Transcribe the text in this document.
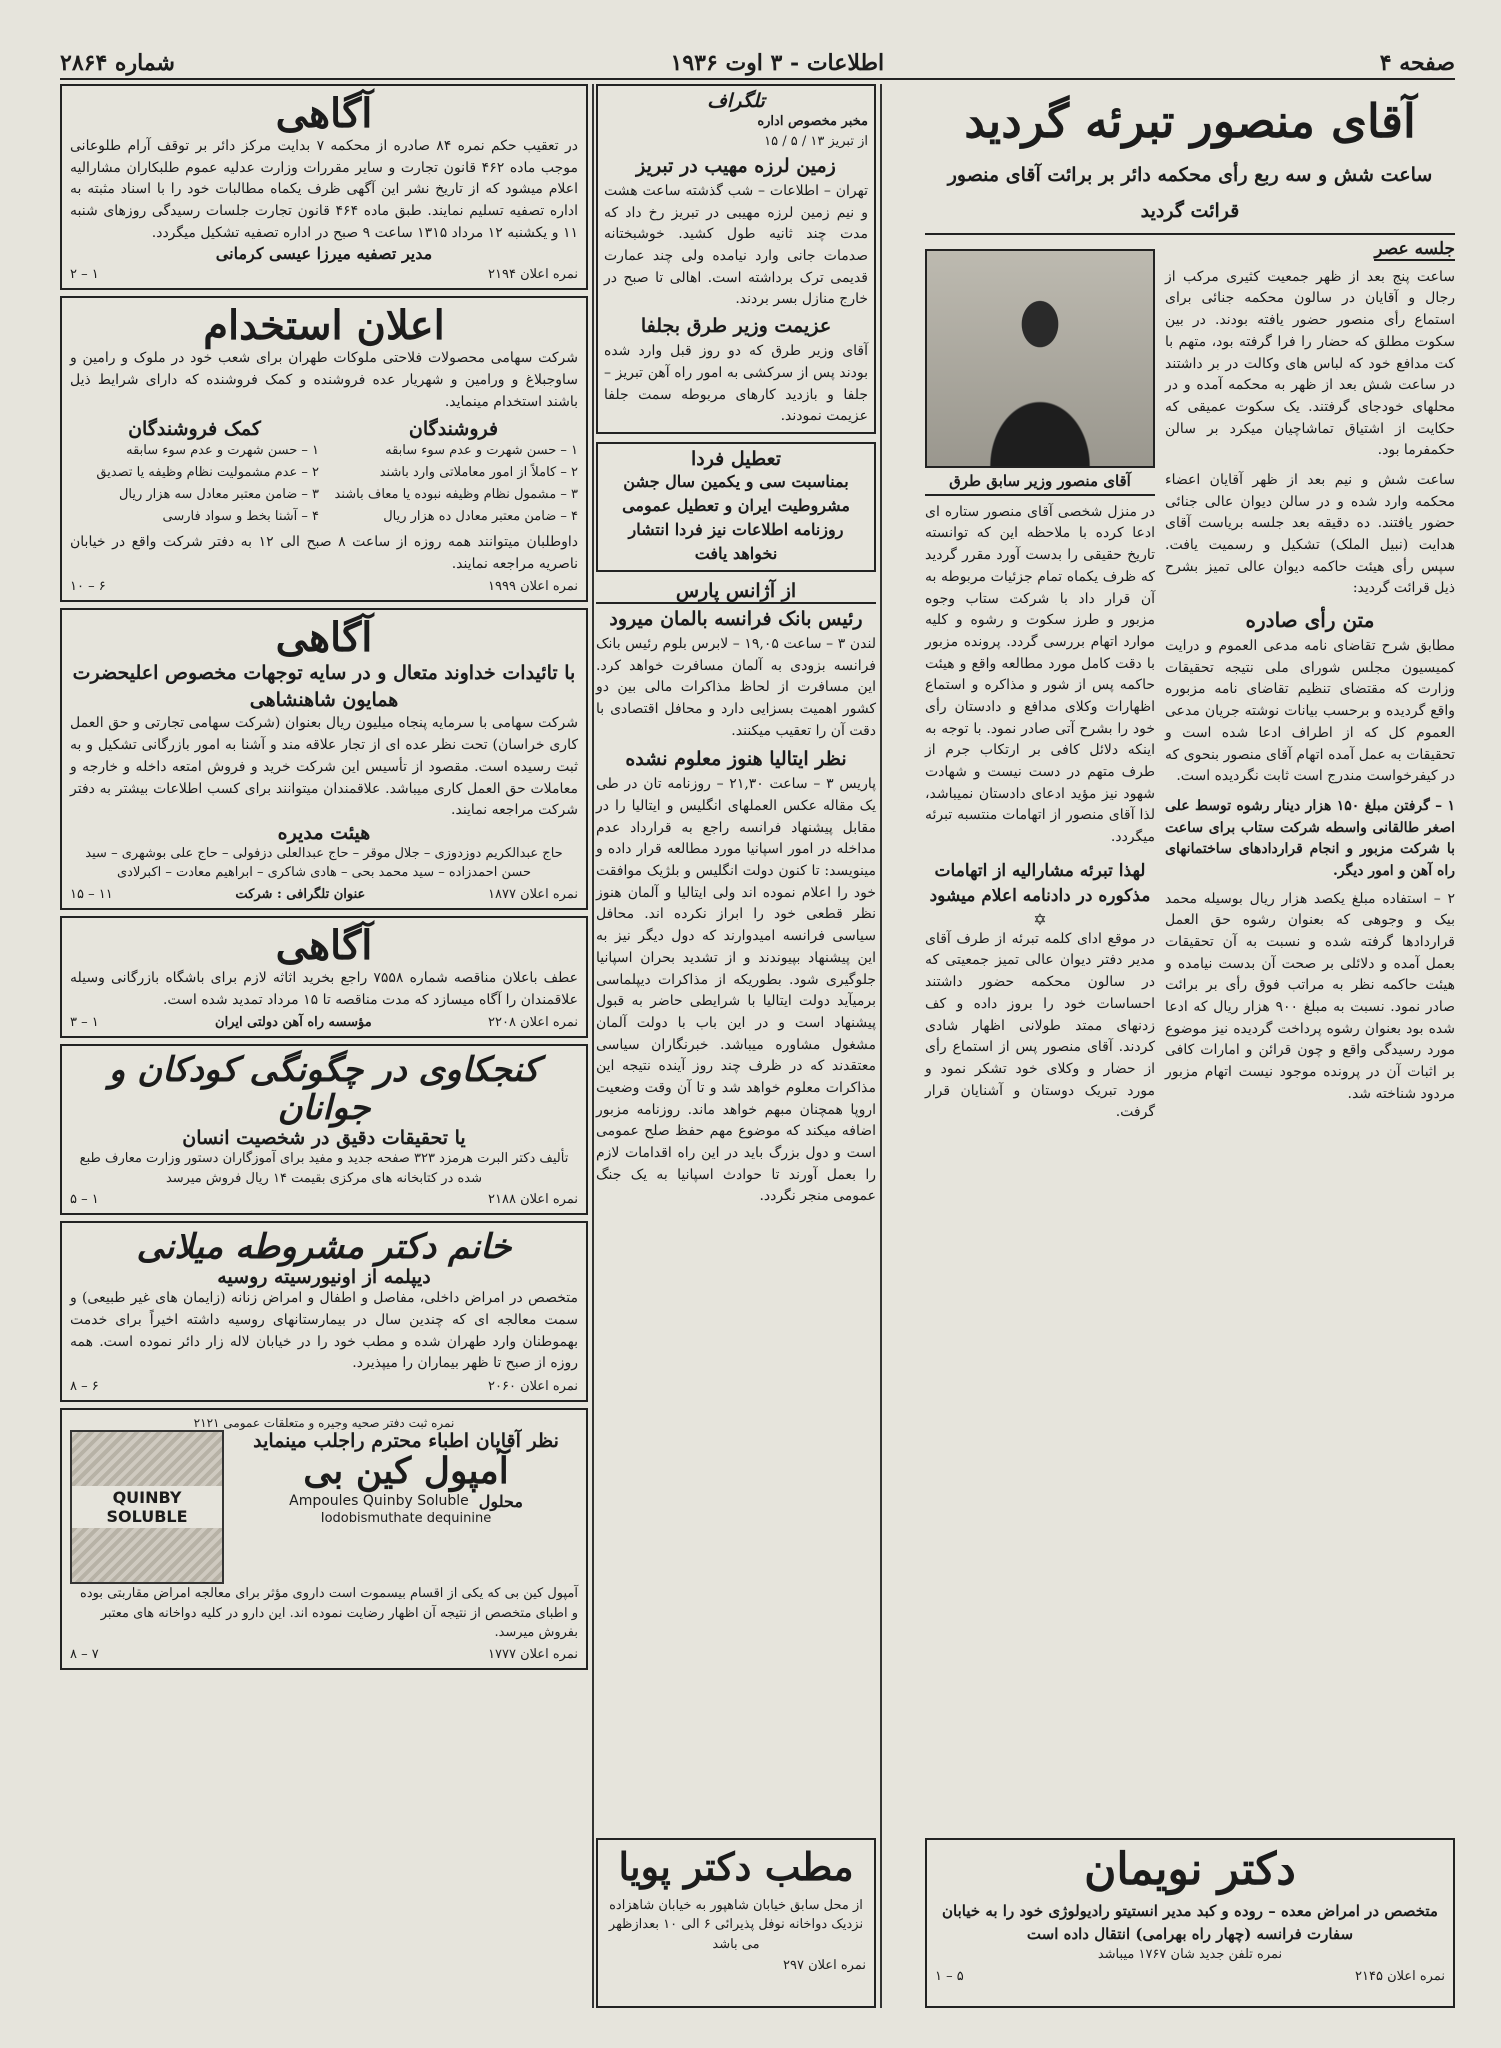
صفحه ۴
اطلاعات - ۳ اوت ۱۹۳۶
شماره ۲۸۶۴
آقای منصور تبرئه گردید
ساعت شش و سه ربع رأی محکمه دائر بر برائت آقای منصور قرائت گردید
جلسه عصر
ساعت پنج بعد از ظهر جمعیت کثیری مرکب از رجال و آقایان در سالون محکمه جنائی برای استماع رأی منصور حضور یافته بودند. در بین سکوت مطلق که حضار را فرا گرفته بود، متهم با کت مدافع خود که لباس های وکالت در بر داشتند در ساعت شش بعد از ظهر به محکمه آمده و در محلهای خودجای گرفتند. یک سکوت عمیقی که حکایت از اشتیاق تماشاچیان میکرد بر سالن حکمفرما بود.
ساعت شش و نیم بعد از ظهر آقایان اعضاء محکمه وارد شده و در سالن دیوان عالی جنائی حضور یافتند. ده دقیقه بعد جلسه بریاست آقای هدایت (نبیل الملک) تشکیل و رسمیت یافت. سپس رأی هیئت حاکمه دیوان عالی تمیز بشرح ذیل قرائت گردید:
متن رأی صادره
مطابق شرح تقاضای نامه مدعی العموم و درایت کمیسیون مجلس شورای ملی نتیجه تحقیقات وزارت که مقتضای تنظیم تقاضای نامه مزبوره واقع گردیده و برحسب بیانات نوشته جریان مدعی العموم کل که از اطراف ادعا شده است و تحقیقات به عمل آمده اتهام آقای منصور بنحوی که در کیفرخواست مندرج است ثابت نگردیده است.
۱ – گرفتن مبلغ ۱۵۰ هزار دینار رشوه توسط علی اصغر طالقانی واسطه شرکت ستاب برای ساعت با شرکت مزبور و انجام قراردادهای ساختمانهای راه آهن و امور دیگر.
۲ – استفاده مبلغ یکصد هزار ریال بوسیله محمد بیک و وجوهی که بعنوان رشوه حق العمل قراردادها گرفته شده و نسبت به آن تحقیقات بعمل آمده و دلائلی بر صحت آن بدست نیامده و هیئت حاکمه نظر به مراتب فوق رأی بر برائت صادر نمود. نسبت به مبلغ ۹۰۰ هزار ریال که ادعا شده بود بعنوان رشوه پرداخت گردیده نیز موضوع مورد رسیدگی واقع و چون قرائن و امارات کافی بر اثبات آن در پرونده موجود نیست اتهام مزبور مردود شناخته شد.
آقای منصور وزیر سابق طرق
در منزل شخصی آقای منصور ستاره ای ادعا کرده با ملاحظه این که توانسته تاریخ حقیقی را بدست آورد مقرر گردید که ظرف یکماه تمام جزئیات مربوطه به آن قرار داد با شرکت ستاب وجوه مزبور و طرز سکوت و رشوه و کلیه موارد اتهام بررسی گردد. پرونده مزبور با دقت کامل مورد مطالعه واقع و هیئت حاکمه پس از شور و مذاکره و استماع اظهارات وکلای مدافع و دادستان رأی خود را بشرح آتی صادر نمود. با توجه به اینکه دلائل کافی بر ارتکاب جرم از طرف متهم در دست نیست و شهادت شهود نیز مؤید ادعای دادستان نمیباشد، لذا آقای منصور از اتهامات منتسبه تبرئه میگردد.
لهذا تبرئه مشارالیه از اتهامات مذکوره در دادنامه اعلام میشود
✡
در موقع ادای کلمه تبرئه از طرف آقای مدیر دفتر دیوان عالی تمیز جمعیتی که در سالون محکمه حضور داشتند احساسات خود را بروز داده و کف زدنهای ممتد طولانی اظهار شادی کردند. آقای منصور پس از استماع رأی از حضار و وکلای خود تشکر نمود و مورد تبریک دوستان و آشنایان قرار گرفت.
دکتر نویمان
متخصص در امراض معده – روده و کبد مدیر انستیتو رادیولوژی خود را به خیابان سفارت فرانسه (چهار راه بهرامی) انتقال داده است
نمره تلفن جدید شان ۱۷۶۷ میباشد
نمره اعلان ۲۱۴۵
۵ – ۱
تلگراف
مخبر مخصوص اداره
از تبریز ۱۳ / ۵ / ۱۵
زمین لرزه مهیب در تبریز
تهران – اطلاعات – شب گذشته ساعت هشت و نیم زمین لرزه مهیبی در تبریز رخ داد که مدت چند ثانیه طول کشید. خوشبختانه صدمات جانی وارد نیامده ولی چند عمارت قدیمی ترک برداشته است. اهالی تا صبح در خارج منازل بسر بردند.
عزیمت وزیر طرق بجلفا
آقای وزیر طرق که دو روز قبل وارد شده بودند پس از سرکشی به امور راه آهن تبریز – جلفا و بازدید کارهای مربوطه سمت جلفا عزیمت نمودند.
تعطیل فردا
بمناسبت سی و یکمین سال جشن مشروطیت ایران و تعطیل عمومی روزنامه اطلاعات نیز فردا انتشار نخواهد یافت
از آژانس پارس
رئیس بانک فرانسه بالمان میرود
لندن ۳ – ساعت ۱۹,۰۵ – لابرس بلوم رئیس بانک فرانسه بزودی به آلمان مسافرت خواهد کرد. این مسافرت از لحاظ مذاکرات مالی بین دو کشور اهمیت بسزایی دارد و محافل اقتصادی با دقت آن را تعقیب میکنند.
نظر ایتالیا هنوز معلوم نشده
پاریس ۳ – ساعت ۲۱,۳۰ – روزنامه تان در طی یک مقاله عکس العملهای انگلیس و ایتالیا را در مقابل پیشنهاد فرانسه راجع به قرارداد عدم مداخله در امور اسپانیا مورد مطالعه قرار داده و مینویسد: تا کنون دولت انگلیس و بلژیک موافقت خود را اعلام نموده اند ولی ایتالیا و آلمان هنوز نظر قطعی خود را ابراز نکرده اند. محافل سیاسی فرانسه امیدوارند که دول دیگر نیز به این پیشنهاد بپیوندند و از تشدید بحران اسپانیا جلوگیری شود. بطوریکه از مذاکرات دیپلماسی برمیآید دولت ایتالیا با شرایطی حاضر به قبول پیشنهاد است و در این باب با دولت آلمان مشغول مشاوره میباشد. خبرنگاران سیاسی معتقدند که در ظرف چند روز آینده نتیجه این مذاکرات معلوم خواهد شد و تا آن وقت وضعیت اروپا همچنان مبهم خواهد ماند. روزنامه مزبور اضافه میکند که موضوع مهم حفظ صلح عمومی است و دول بزرگ باید در این راه اقدامات لازم را بعمل آورند تا حوادث اسپانیا به یک جنگ عمومی منجر نگردد.
مطب دکتر پویا
از محل سابق خیابان شاهپور به خیابان شاهزاده نزدیک دواخانه نوفل پذیرائی ۶ الی ۱۰ بعدازظهر می باشد
نمره اعلان ۲۹۷
آگاهی
در تعقیب حکم نمره ۸۴ صادره از محکمه ۷ بدایت مرکز دائر بر توقف آرام طلوعانی موجب ماده ۴۶۲ قانون تجارت و سایر مقررات وزارت عدلیه عموم طلبکاران مشارالیه اعلام میشود که از تاریخ نشر این آگهی ظرف یکماه مطالبات خود را با اسناد مثبته به اداره تصفیه تسلیم نمایند. طبق ماده ۴۶۴ قانون تجارت جلسات رسیدگی روزهای شنبه ۱۱ و یکشنبه ۱۲ مرداد ۱۳۱۵ ساعت ۹ صبح در اداره تصفیه تشکیل میگردد.
مدیر تصفیه میرزا عیسی کرمانی
نمره اعلان ۲۱۹۴
۱ – ۲
اعلان استخدام
شرکت سهامی محصولات فلاحتی ملوکات طهران برای شعب خود در ملوک و رامین و ساوجبلاغ و ورامین و شهریار عده فروشنده و کمک فروشنده که دارای شرایط ذیل باشند استخدام مینماید.
فروشندگان
۱ – حسن شهرت و عدم سوء سابقه
۲ – کاملاً از امور معاملاتی وارد باشند
۳ – مشمول نظام وظیفه نبوده یا معاف باشند
۴ – ضامن معتبر معادل ده هزار ریال
کمک فروشندگان
۱ – حسن شهرت و عدم سوء سابقه
۲ – عدم مشمولیت نظام وظیفه یا تصدیق
۳ – ضامن معتبر معادل سه هزار ریال
۴ – آشنا بخط و سواد فارسی
داوطلبان میتوانند همه روزه از ساعت ۸ صبح الی ۱۲ به دفتر شرکت واقع در خیابان ناصریه مراجعه نمایند.
نمره اعلان ۱۹۹۹
۶ – ۱۰
آگاهی
با تائیدات خداوند متعال و در سایه توجهات مخصوص اعلیحضرت همایون شاهنشاهی
شرکت سهامی با سرمایه پنجاه میلیون ریال بعنوان (شرکت سهامی تجارتی و حق العمل کاری خراسان) تحت نظر عده ای از تجار علاقه مند و آشنا به امور بازرگانی تشکیل و به ثبت رسیده است. مقصود از تأسیس این شرکت خرید و فروش امتعه داخله و خارجه و معاملات حق العمل کاری میباشد. علاقمندان میتوانند برای کسب اطلاعات بیشتر به دفتر شرکت مراجعه نمایند.
هیئت مدیره
حاج عبدالکریم دوزدوزی – جلال موقر – حاج عبدالعلی دزفولی – حاج علی بوشهری – سید حسن احمدزاده – سید محمد بحی – هادی شاکری – ابراهیم معادت – اکبرلادی
نمره اعلان ۱۸۷۷
عنوان تلگرافی : شرکت
۱۱ – ۱۵
آگاهی
عطف باعلان مناقصه شماره ۷۵۵۸ راجع بخرید اثاثه لازم برای باشگاه بازرگانی وسیله علاقمندان را آگاه میسازد که مدت مناقصه تا ۱۵ مرداد تمدید شده است.
نمره اعلان ۲۲۰۸
مؤسسه راه آهن دولتی ایران
۱ – ۳
کنجکاوی در چگونگی کودکان و جوانان
یا تحقیقات دقیق در شخصیت انسان
تألیف دکتر البرت هرمزد ۳۲۳ صفحه جدید و مفید برای آموزگاران دستور وزارت معارف طبع شده در کتابخانه های مرکزی بقیمت ۱۴ ریال فروش میرسد
نمره اعلان ۲۱۸۸
۱ – ۵
خانم دکتر مشروطه میلانی
دیپلمه از اونیورسیته روسیه
متخصص در امراض داخلی، مفاصل و اطفال و امراض زنانه (زایمان های غیر طبیعی) و سمت معالجه ای که چندین سال در بیمارستانهای روسیه داشته اخیراً برای خدمت بهموطنان وارد طهران شده و مطب خود را در خیابان لاله زار دائر نموده است. همه روزه از صبح تا ظهر بیماران را میپذیرد.
نمره اعلان ۲۰۶۰
۶ – ۸
نمره ثبت دفتر صحیه وجیره و متعلقات عمومی ۲۱۲۱
نظر آقایان اطباء محترم راجلب مینماید
آمپول کین بی
محلول
Ampoules Quinby Soluble
Iodobismuthate dequinine
QUINBY SOLUBLE
آمپول کین بی که یکی از اقسام بیسموت است داروی مؤثر برای معالجه امراض مقاربتی بوده و اطبای متخصص از نتیجه آن اظهار رضایت نموده اند. این دارو در کلیه دواخانه های معتبر بفروش میرسد.
نمره اعلان ۱۷۷۷
۷ – ۸
